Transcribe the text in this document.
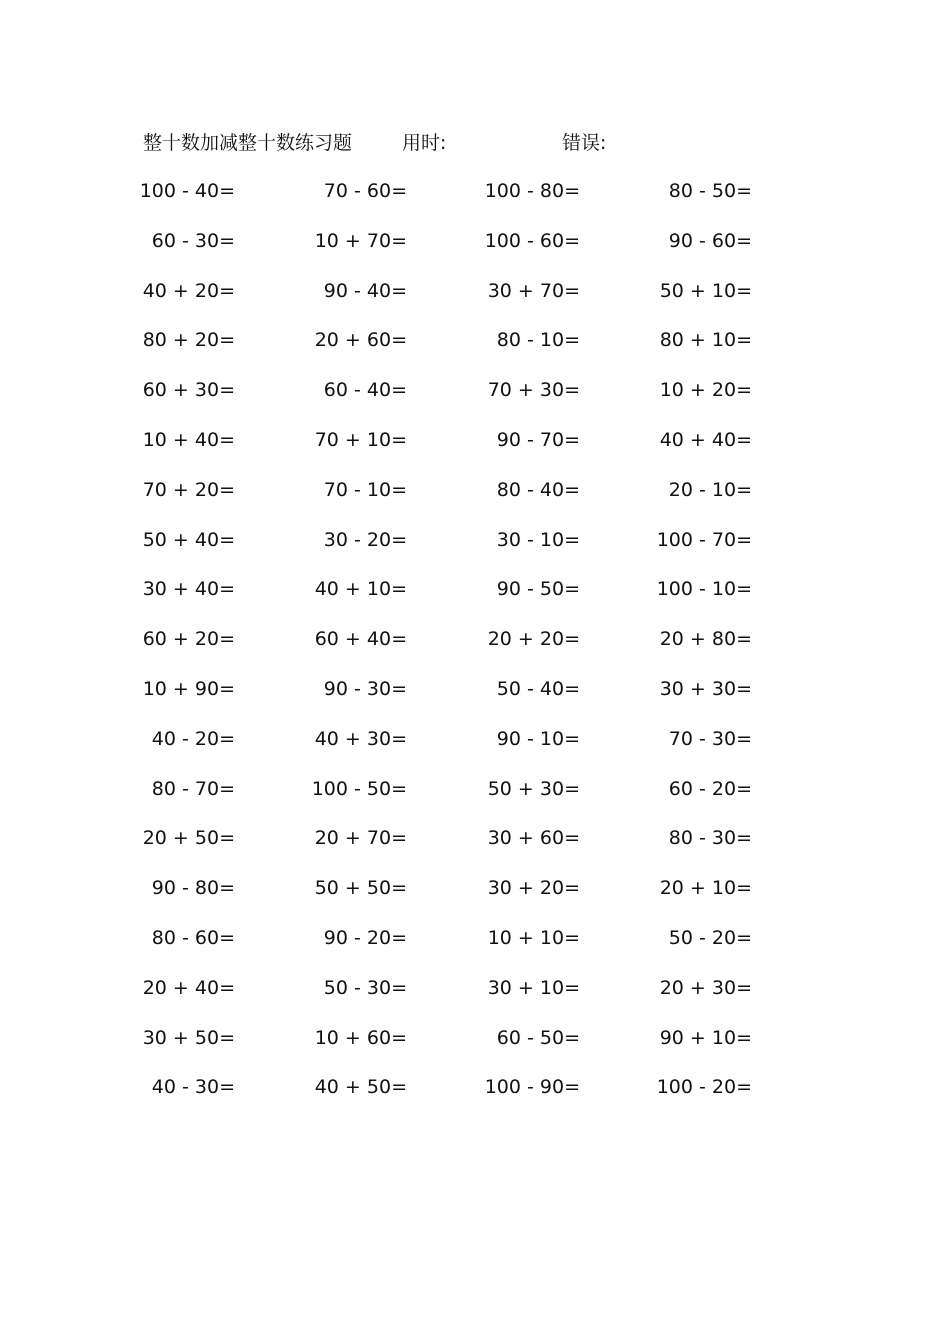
整十数加减整十数练习题	用时:	错误:
100 - 40=	70 - 60=	100 - 80=	80 - 50=
60 - 30=	10 + 70=	100 - 60=	90 - 60=
40 + 20=	90 - 40=	30 + 70=	50 + 10=
80 + 20=	20 + 60=	80 - 10=	80 + 10=
60 + 30=	60 - 40=	70 + 30=	10 + 20=
10 + 40=	70 + 10=	90 - 70=	40 + 40=
70 + 20=	70 - 10=	80 - 40=	20 - 10=
50 + 40=	30 - 20=	30 - 10=	100 - 70=
30 + 40=	40 + 10=	90 - 50=	100 - 10=
60 + 20=	60 + 40=	20 + 20=	20 + 80=
10 + 90=	90 - 30=	50 - 40=	30 + 30=
40 - 20=	40 + 30=	90 - 10=	70 - 30=
80 - 70=	100 - 50=	50 + 30=	60 - 20=
20 + 50=	20 + 70=	30 + 60=	80 - 30=
90 - 80=	50 + 50=	30 + 20=	20 + 10=
80 - 60=	90 - 20=	10 + 10=	50 - 20=
20 + 40=	50 - 30=	30 + 10=	20 + 30=
30 + 50=	10 + 60=	60 - 50=	90 + 10=
40 - 30=	40 + 50=	100 - 90=	100 - 20=
